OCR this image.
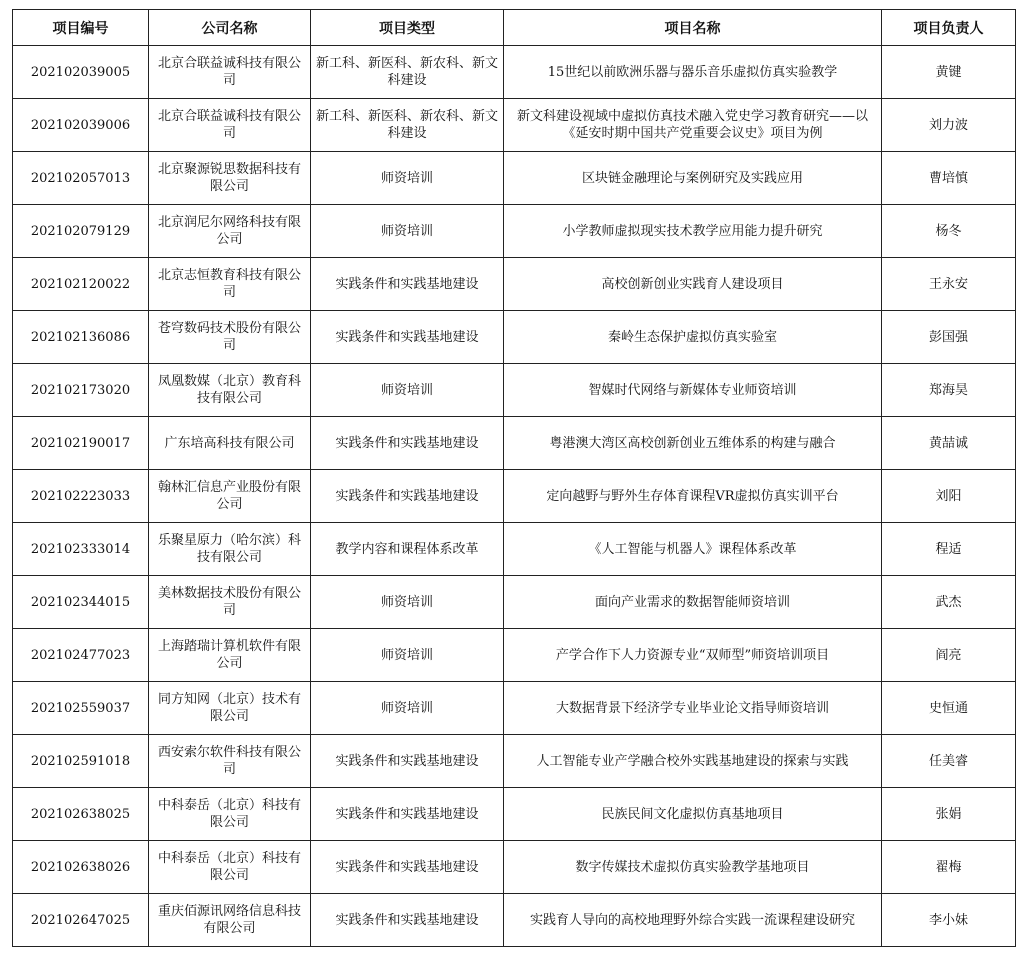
项目编号	公司名称	项目类型	项目名称	项目负责人
202102039005	北京合联益诚科技有限公司	新工科、新医科、新农科、新文科建设	15世纪以前欧洲乐器与器乐音乐虚拟仿真实验教学	黄键
202102039006	北京合联益诚科技有限公司	新工科、新医科、新农科、新文科建设	新文科建设视域中虚拟仿真技术融入党史学习教育研究——以《延安时期中国共产党重要会议史》项目为例	刘力波
202102057013	北京聚源锐思数据科技有限公司	师资培训	区块链金融理论与案例研究及实践应用	曹培慎
202102079129	北京润尼尔网络科技有限公司	师资培训	小学教师虚拟现实技术教学应用能力提升研究	杨冬
202102120022	北京志恒教育科技有限公司	实践条件和实践基地建设	高校创新创业实践育人建设项目	王永安
202102136086	苍穹数码技术股份有限公司	实践条件和实践基地建设	秦岭生态保护虚拟仿真实验室	彭国强
202102173020	凤凰数媒（北京）教育科技有限公司	师资培训	智媒时代网络与新媒体专业师资培训	郑海昊
202102190017	广东培高科技有限公司	实践条件和实践基地建设	粤港澳大湾区高校创新创业五维体系的构建与融合	黄喆诚
202102223033	翰林汇信息产业股份有限公司	实践条件和实践基地建设	定向越野与野外生存体育课程VR虚拟仿真实训平台	刘阳
202102333014	乐聚星原力（哈尔滨）科技有限公司	教学内容和课程体系改革	《人工智能与机器人》课程体系改革	程适
202102344015	美林数据技术股份有限公司	师资培训	面向产业需求的数据智能师资培训	武杰
202102477023	上海踏瑞计算机软件有限公司	师资培训	产学合作下人力资源专业“双师型”师资培训项目	阎亮
202102559037	同方知网（北京）技术有限公司	师资培训	大数据背景下经济学专业毕业论文指导师资培训	史恒通
202102591018	西安索尔软件科技有限公司	实践条件和实践基地建设	人工智能专业产学融合校外实践基地建设的探索与实践	任美睿
202102638025	中科泰岳（北京）科技有限公司	实践条件和实践基地建设	民族民间文化虚拟仿真基地项目	张娟
202102638026	中科泰岳（北京）科技有限公司	实践条件和实践基地建设	数字传媒技术虚拟仿真实验教学基地项目	翟梅
202102647025	重庆佰源讯网络信息科技有限公司	实践条件和实践基地建设	实践育人导向的高校地理野外综合实践一流课程建设研究	李小妹
